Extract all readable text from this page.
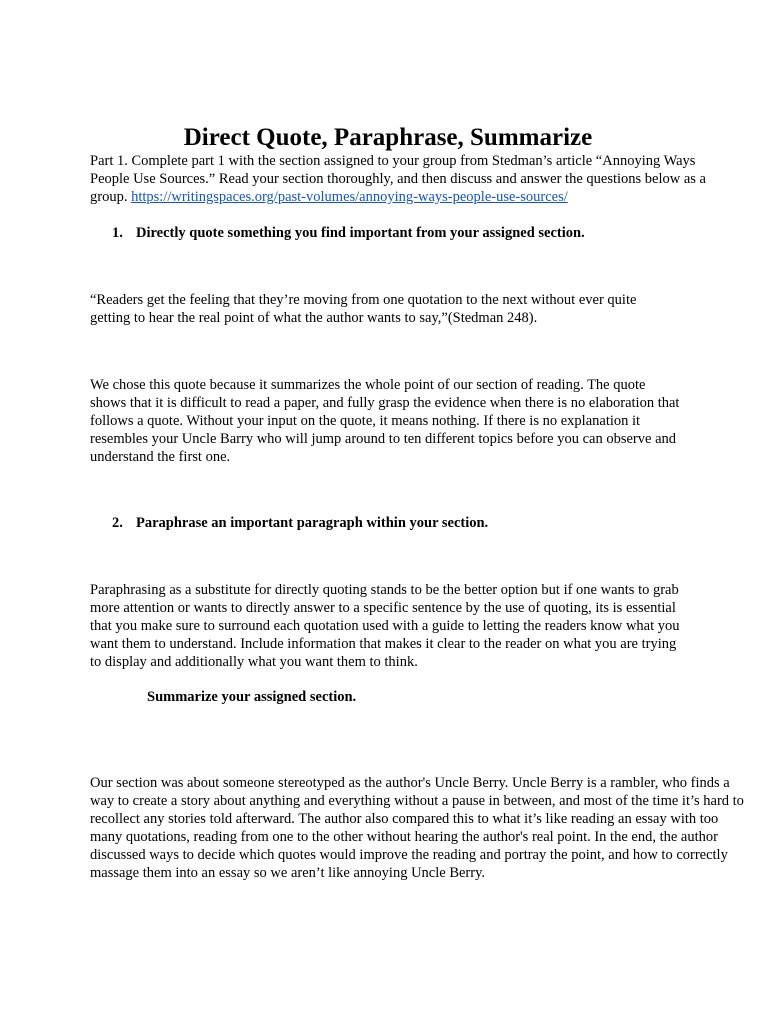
Direct Quote, Paraphrase, Summarize

Part 1. Complete part 1 with the section assigned to your group from Stedman’s article “Annoying Ways People Use Sources.” Read your section thoroughly, and then discuss and answer the questions below as a group. https://writingspaces.org/past-volumes/annoying-ways-people-use-sources/

1. Directly quote something you find important from your assigned section.

“Readers get the feeling that they’re moving from one quotation to the next without ever quite getting to hear the real point of what the author wants to say,”(Stedman 248).

We chose this quote because it summarizes the whole point of our section of reading. The quote shows that it is difficult to read a paper, and fully grasp the evidence when there is no elaboration that follows a quote. Without your input on the quote, it means nothing. If there is no explanation it resembles your Uncle Barry who will jump around to ten different topics before you can observe and understand the first one.

2. Paraphrase an important paragraph within your section.

Paraphrasing as a substitute for directly quoting stands to be the better option but if one wants to grab more attention or wants to directly answer to a specific sentence by the use of quoting, its is essential that you make sure to surround each quotation used with a guide to letting the readers know what you want them to understand. Include information that makes it clear to the reader on what you are trying to display and additionally what you want them to think.

Summarize your assigned section.

Our section was about someone stereotyped as the author's Uncle Berry. Uncle Berry is a rambler, who finds a way to create a story about anything and everything without a pause in between, and most of the time it’s hard to recollect any stories told afterward. The author also compared this to what it’s like reading an essay with too many quotations, reading from one to the other without hearing the author's real point. In the end, the author discussed ways to decide which quotes would improve the reading and portray the point, and how to correctly massage them into an essay so we aren’t like annoying Uncle Berry.
